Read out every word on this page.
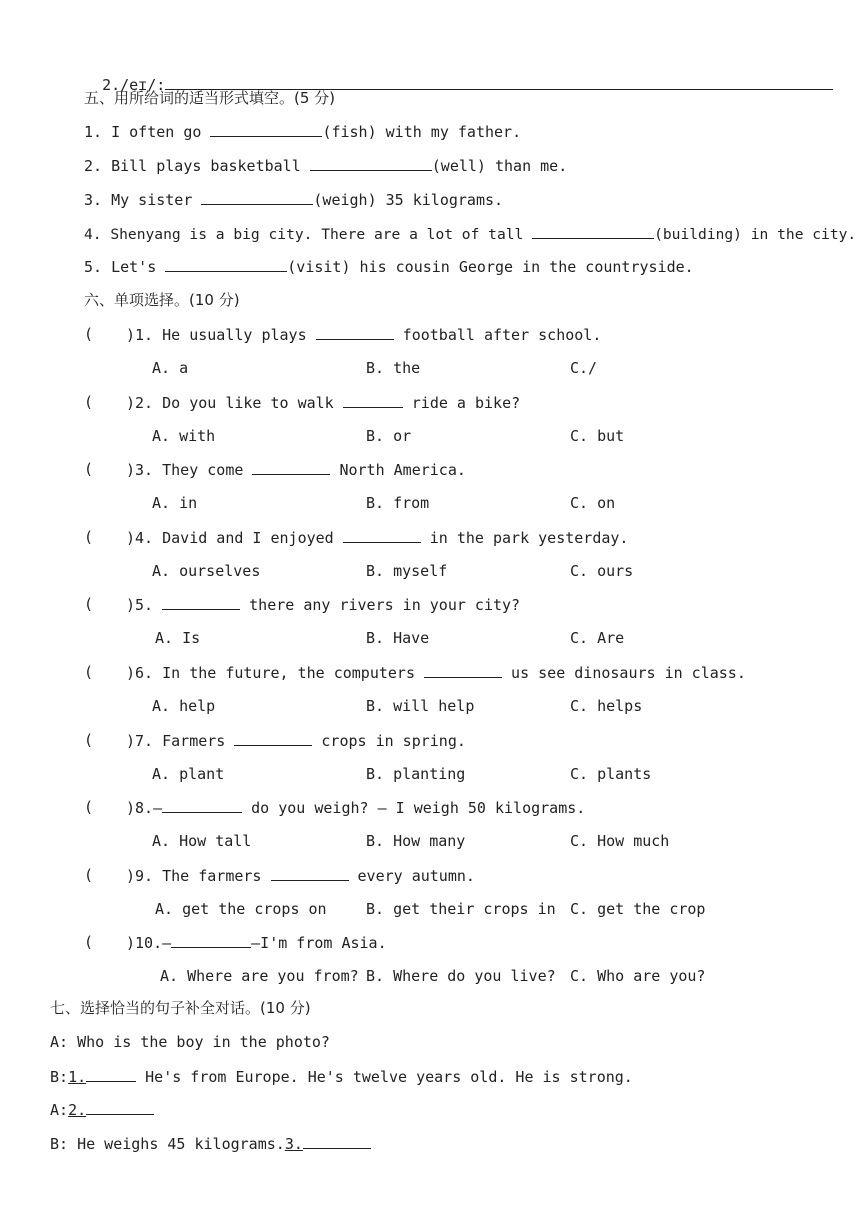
2./eɪ/:

五、用所给词的适当形式填空。(5 分)
1. I often go	(fish) with my father.
2. Bill plays basketball	(well) than me.
3. My sister	(weigh) 35 kilograms.
4. Shenyang is a big city. There are a lot of tall	(building) in the city.
5. Let's	(visit) his cousin George in the countryside.
六、单项选择。(10 分)
( )1. He usually plays	football after school.
A. a	B. the	C./
( )2. Do you like to walk	ride a bike?
A. with	B. or	C. but
( )3. They come	North America.
A. in	B. from	C. on
( )4. David and I enjoyed	in the park yesterday.
A. ourselves	B. myself	C. ours
( )5.	there any rivers in your city?
A. Is	B. Have	C. Are
( )6. In the future, the computers	us see dinosaurs in class.
A. help	B. will help	C. helps
( )7. Farmers	crops in spring.
A. plant	B. planting	C. plants
( )8.—	do you weigh? — I weigh 50 kilograms.
A. How tall	B. How many	C. How much
( )9. The farmers	every autumn.
A. get the crops on	B. get their crops in C. get the crop
( )10.—	—I'm from Asia.
A. Where are you from? B. Where do you live? C. Who are you?
七、选择恰当的句子补全对话。(10 分)
A: Who is the boy in the photo?
B:1.	He's from Europe. He's twelve years old. He is strong.
A:2.
B: He weighs 45 kilograms.3.
